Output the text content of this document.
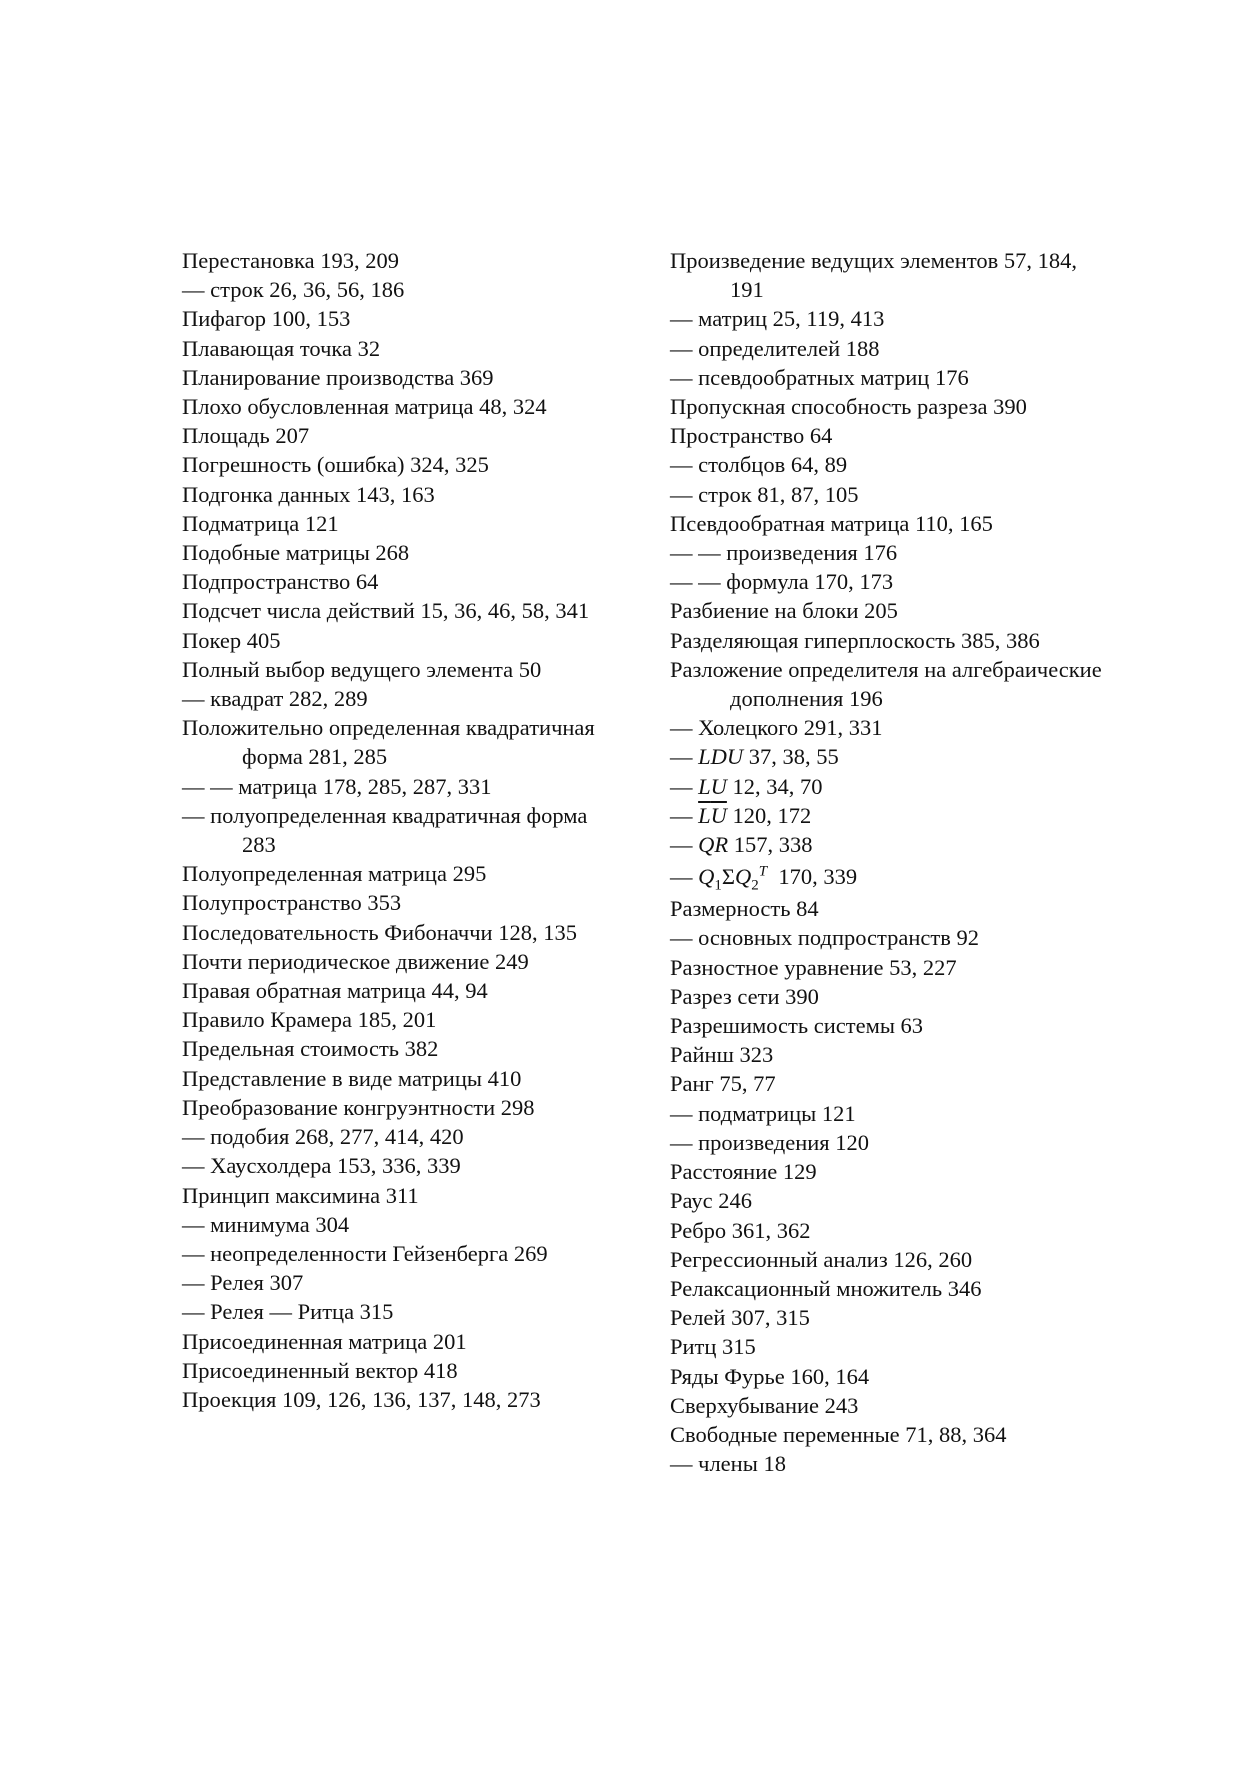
Перестановка 193, 209

— строк 26, 36, 56, 186

Пифагор 100, 153

Плавающая точка 32

Планирование производства 369

Плохо обусловленная матрица 48, 324

Площадь 207

Погрешность (ошибка) 324, 325

Подгонка данных 143, 163

Подматрица 121

Подобные матрицы 268

Подпространство 64

Подсчет числа действий 15, 36, 46, 58, 341

Покер 405

Полный выбор ведущего элемента 50

— квадрат 282, 289

Положительно определенная квадратичная форма 281, 285

— — матрица 178, 285, 287, 331

— полуопределенная квадратичная форма 283

Полуопределенная матрица 295

Полупространство 353

Последовательность Фибоначчи 128, 135

Почти периодическое движение 249

Правая обратная матрица 44, 94

Правило Крамера 185, 201

Предельная стоимость 382

Представление в виде матрицы 410

Преобразование конгруэнтности 298

— подобия 268, 277, 414, 420

— Хаусхолдера 153, 336, 339

Принцип максимина 311

— минимума 304

— неопределенности Гейзенберга 269

— Релея 307

— Релея — Ритца 315

Присоединенная матрица 201

Присоединенный вектор 418

Проекция 109, 126, 136, 137, 148, 273

Произведение ведущих элементов 57, 184, 191

— матриц 25, 119, 413

— определителей 188

— псевдообратных матриц 176

Пропускная способность разреза 390

Пространство 64

— столбцов 64, 89

— строк 81, 87, 105

Псевдообратная матрица 110, 165

— — произведения 176

— — формула 170, 173

Разбиение на блоки 205

Разделяющая гиперплоскость 385, 386

Разложение определителя на алгебраические дополнения 196

— Холецкого 291, 331

— LDU 37, 38, 55

— LU 12, 34, 70

— $\overline{L}\overline{U}$ 120, 172

— QR 157, 338

— $Q_1\Sigma Q_2^T$ 170, 339

Размерность 84

— основных подпространств 92

Разностное уравнение 53, 227

Разрез сети 390

Разрешимость системы 63

Райнш 323

Ранг 75, 77

— подматрицы 121

— произведения 120

Расстояние 129

Раус 246

Ребро 361, 362

Регрессионный анализ 126, 260

Релаксационный множитель 346

Релей 307, 315

Ритц 315

Ряды Фурье 160, 164

Сверхубывание 243

Свободные переменные 71, 88, 364

— члены 18
